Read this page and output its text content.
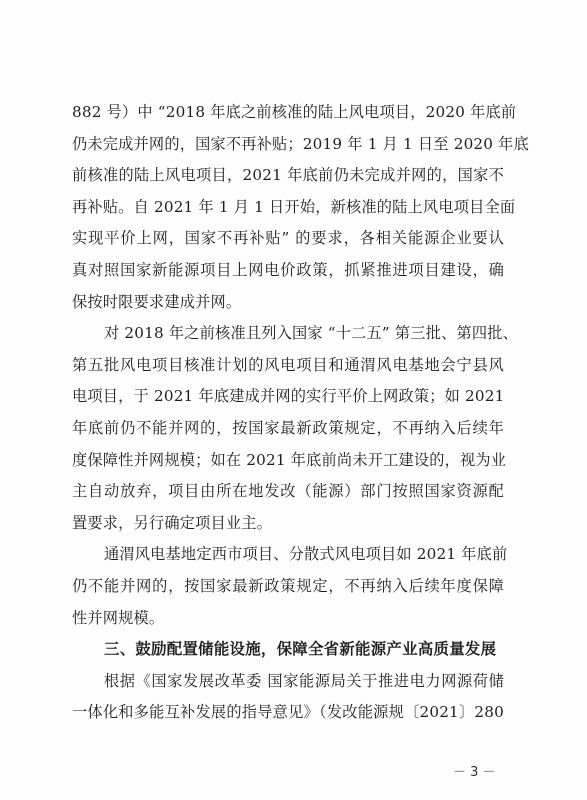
882 号）中 “2018 年底之前核准的陆上风电项目，2020 年底前
仍未完成并网的，国家不再补贴；2019 年 1 月 1 日至 2020 年底
前核准的陆上风电项目，2021 年底前仍未完成并网的，国家不
再补贴。自 2021 年 1 月 1 日开始，新核准的陆上风电项目全面
实现平价上网，国家不再补贴” 的要求，各相关能源企业要认
真对照国家新能源项目上网电价政策，抓紧推进项目建设，确
保按时限要求建成并网。

对 2018 年之前核准且列入国家 “十二五” 第三批、第四批、
第五批风电项目核准计划的风电项目和通渭风电基地会宁县风
电项目，于 2021 年底建成并网的实行平价上网政策；如 2021
年底前仍不能并网的，按国家最新政策规定，不再纳入后续年
度保障性并网规模；如在 2021 年底前尚未开工建设的，视为业
主自动放弃，项目由所在地发改（能源）部门按照国家资源配
置要求，另行确定项目业主。

通渭风电基地定西市项目、分散式风电项目如 2021 年底前
仍不能并网的，按国家最新政策规定，不再纳入后续年度保障
性并网规模。

三、鼓励配置储能设施，保障全省新能源产业高质量发展

根据《国家发展改革委 国家能源局关于推进电力网源荷储
一体化和多能互补发展的指导意见》（发改能源规〔2021〕280

－ 3 －
